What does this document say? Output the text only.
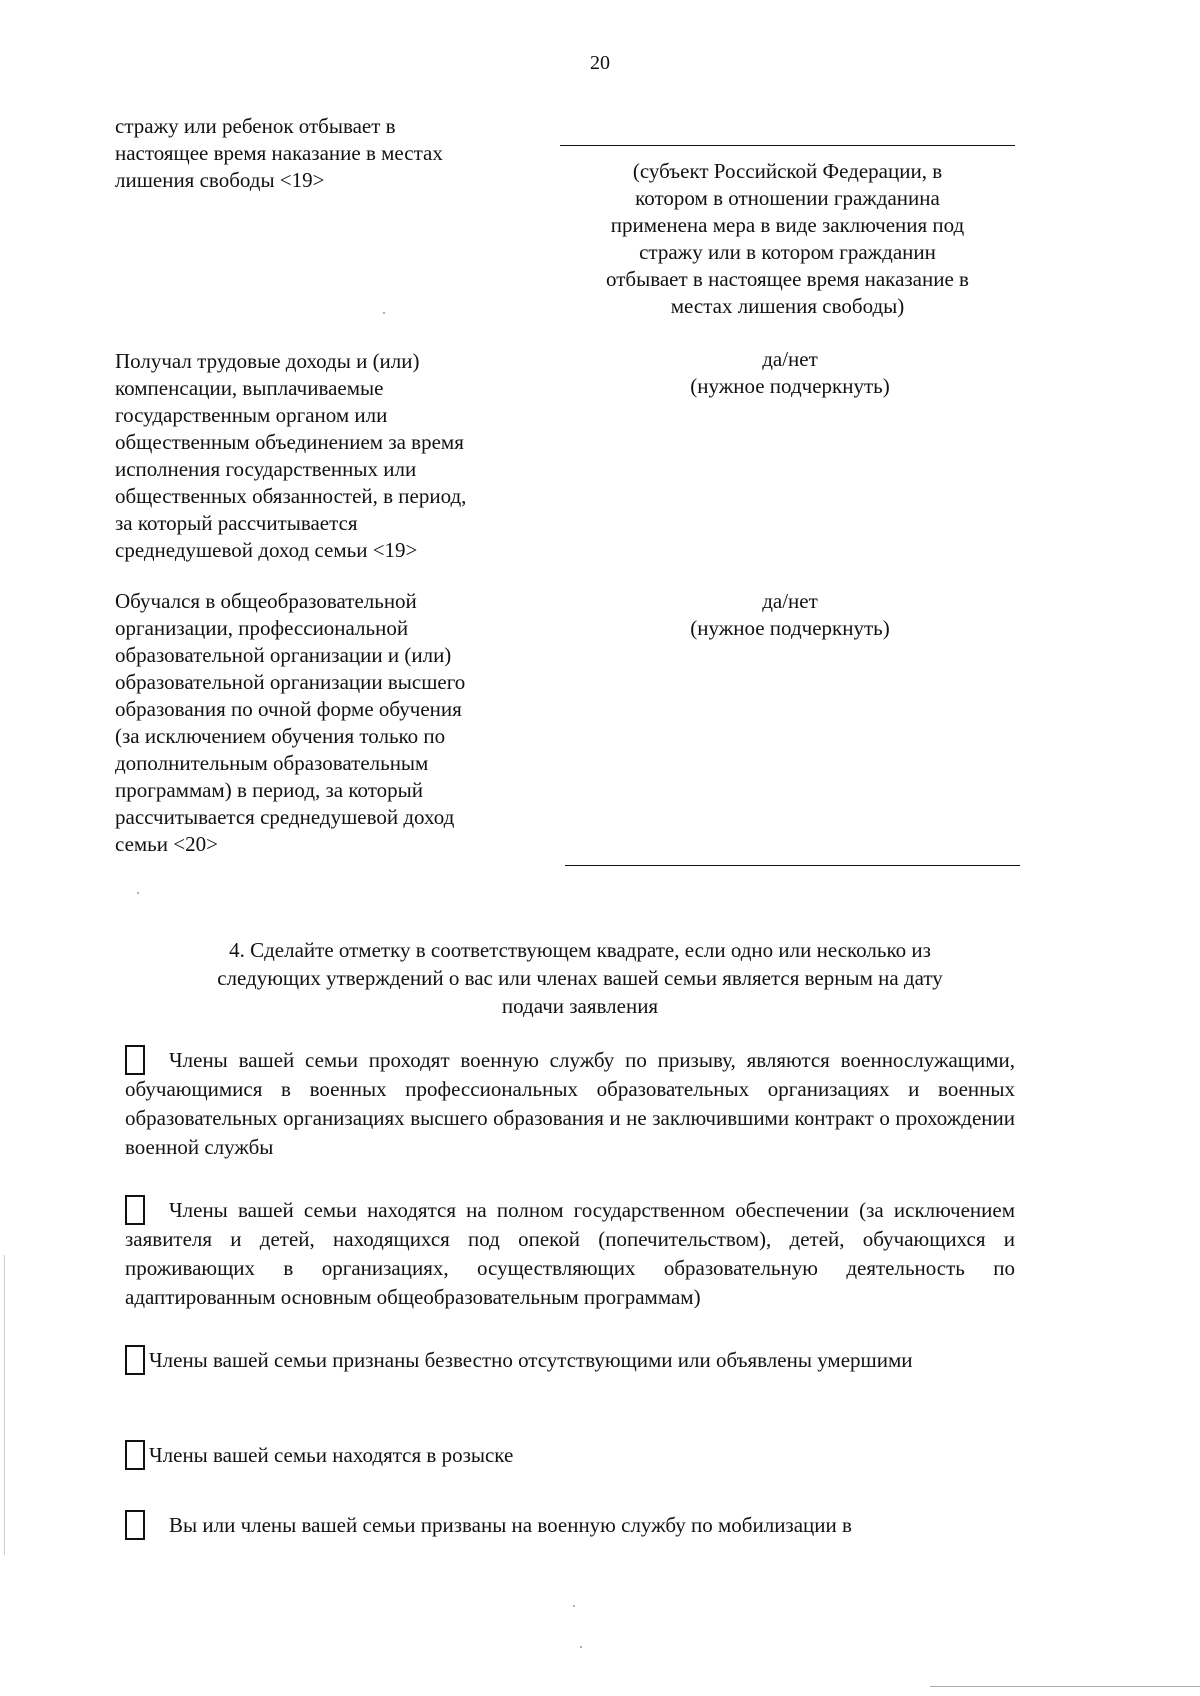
20
стражу или ребенок отбывает в
настоящее время наказание в местах
лишения свободы <19>	(субъект Российской Федерации, в
котором в отношении гражданина
применена мера в виде заключения под
стражу или в котором гражданин
отбывает в настоящее время наказание в
местах лишения свободы)
Получал трудовые доходы и (или)
компенсации, выплачиваемые
государственным органом или
общественным объединением за время
исполнения государственных или
общественных обязанностей, в период,
за который рассчитывается
среднедушевой доход семьи <19>
да/нет
(нужное подчеркнуть)
Обучался в общеобразовательной
организации, профессиональной
образовательной организации и (или)
образовательной организации высшего
образования по очной форме обучения
(за исключением обучения только по
дополнительным образовательным
программам) в период, за который
рассчитывается среднедушевой доход
семьи <20>
да/нет
(нужное подчеркнуть)
4. Сделайте отметку в соответствующем квадрате, если одно или несколько из
следующих утверждений о вас или членах вашей семьи является верным на дату
подачи заявления
Члены вашей семьи проходят военную службу по призыву, являются военнослужащими, обучающимися в военных профессиональных образовательных организациях и военных образовательных организациях высшего образования и не заключившими контракт о прохождении военной службы
Члены вашей семьи находятся на полном государственном обеспечении (за исключением заявителя и детей, находящихся под опекой (попечительством), детей, обучающихся и проживающих в организациях, осуществляющих образовательную деятельность по адаптированным основным общеобразовательным программам)
Члены вашей семьи признаны безвестно отсутствующими или объявлены умершими
Члены вашей семьи находятся в розыске
Вы или члены вашей семьи призваны на военную службу по мобилизации в
